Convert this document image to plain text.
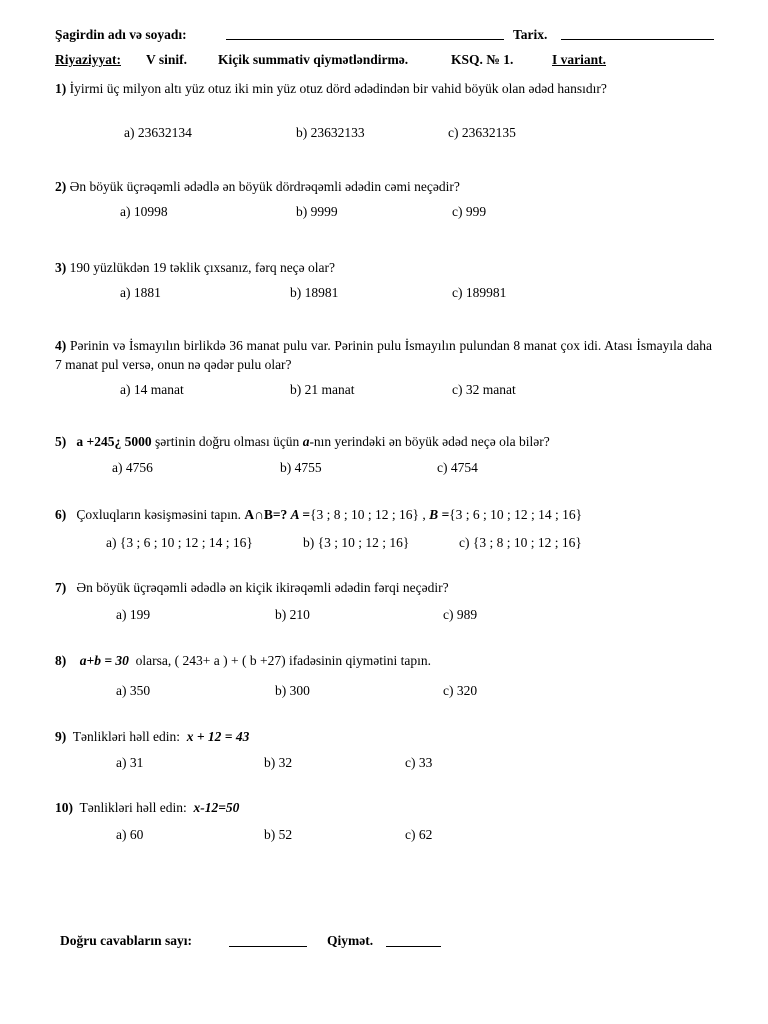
Şagirdin adı və soyadı:	Tarix.
Riyaziyyat: V sinif. Kiçik summativ qiymətləndirmə.	KSQ. № 1.	I variant.
1) İyirmi üç milyon altı yüz otuz iki min yüz otuz dörd ədədindən bir vahid böyük olan ədəd hansıdır?
a) 23632134	b) 23632133	c) 23632135
2) Ən böyük üçrəqəmli ədədlə ən böyük dördrəqəmli ədədin cəmi neçədir?
a) 10998	b) 9999	c) 999
3) 190 yüzlükdən 19 təklik çıxsanız, fərq neçə olar?
a) 1881	b) 18981	c) 189981
4) Pərinin və İsmayılın birlikdə 36 manat pulu var. Pərinin pulu İsmayılın pulundan 8 manat çox idi. Atası İsmayıla daha 7 manat pul versə, onun nə qədər pulu olar?
a) 14 manat	b) 21 manat	c) 32 manat
5) a +245¿ 5000 şərtinin doğru olması üçün a-nın yerindəki ən böyük ədəd neçə ola bilər?
a) 4756	b) 4755	c) 4754
6) Çoxluqların kəsişməsini tapın. A∩B=? A ={3 ; 8 ; 10 ; 12 ; 16} , B ={3 ; 6 ; 10 ; 12 ; 14 ; 16}
a) {3 ; 6 ; 10 ; 12 ; 14 ; 16}	b) {3 ; 10 ; 12 ; 16}	c) {3 ; 8 ; 10 ; 12 ; 16}
7) Ən böyük üçrəqəmli ədədlə ən kiçik ikirəqəmli ədədin fərqi neçədir?
a) 199	b) 210	c) 989
8) a+b = 30 olarsa, ( 243+ a ) + ( b +27) ifadəsinin qiymətini tapın.
a) 350	b) 300	c) 320
9) Tənlikləri həll edin: x + 12 = 43
a) 31	b) 32	c) 33
10) Tənlikləri həll edin: x-12=50
a) 60	b) 52	c) 62
Doğru cavabların sayı:	Qiymət.
